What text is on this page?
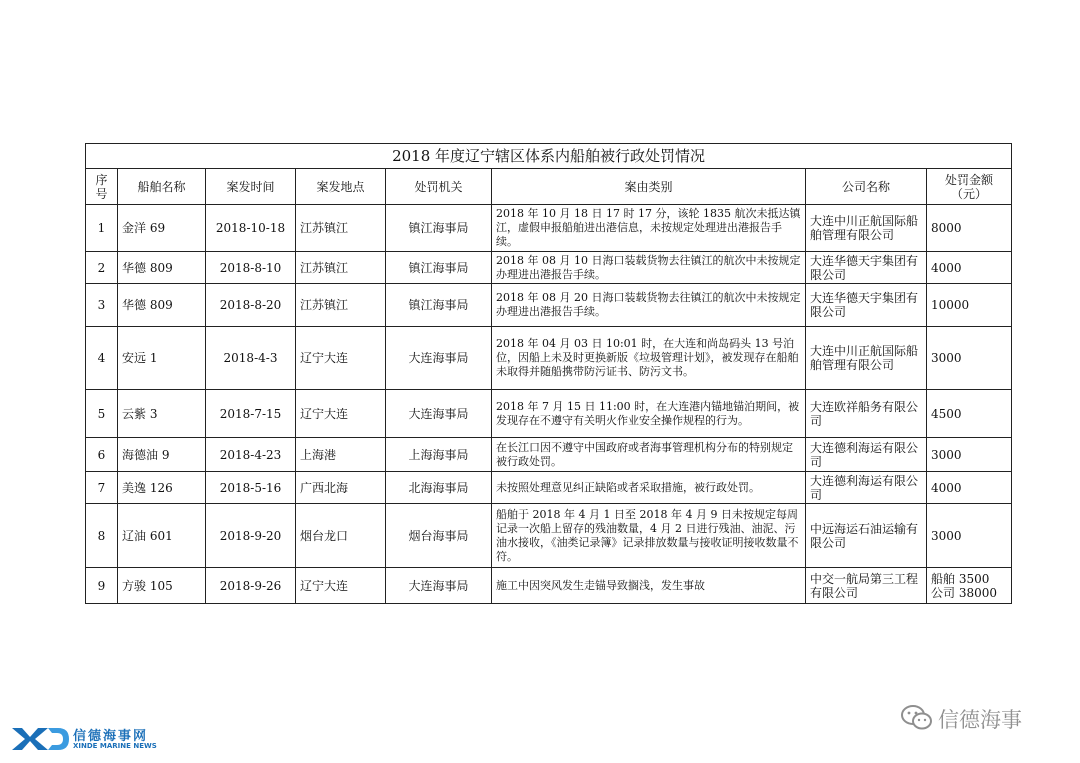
2018 年度辽宁辖区体系内船舶被行政处罚情况							
序号	船舶名称	案发时间	案发地点	处罚机关	案由类别	公司名称	处罚金额（元）
1	金洋 69	2018-10-18	江苏镇江	镇江海事局	2018 年 10 月 18 日 17 时 17 分，该轮 1835 航次未抵达镇江，虚假申报船舶进出港信息，未按规定处理进出港报告手续。	大连中川正航国际船舶管理有限公司	8000
2	华德 809	2018-8-10	江苏镇江	镇江海事局	2018 年 08 月 10 日海口装载货物去往镇江的航次中未按规定办理进出港报告手续。	大连华德天宇集团有限公司	4000
3	华德 809	2018-8-20	江苏镇江	镇江海事局	2018 年 08 月 20 日海口装载货物去往镇江的航次中未按规定办理进出港报告手续。	大连华德天宇集团有限公司	10000
4	安远 1	2018-4-3	辽宁大连	大连海事局	2018 年 04 月 03 日 10:01 时，在大连和尚岛码头 13 号泊位，因船上未及时更换新版《垃圾管理计划》，被发现存在船舶未取得并随船携带防污证书、防污文书。	大连中川正航国际船舶管理有限公司	3000
5	云紫 3	2018-7-15	辽宁大连	大连海事局	2018 年 7 月 15 日 11:00 时，在大连港内锚地锚泊期间，被发现存在不遵守有关明火作业安全操作规程的行为。	大连欧祥船务有限公司	4500
6	海德油 9	2018-4-23	上海港	上海海事局	在长江口因不遵守中国政府或者海事管理机构分布的特别规定被行政处罚。	大连德利海运有限公司	3000
7	美逸 126	2018-5-16	广西北海	北海海事局	未按照处理意见纠正缺陷或者采取措施，被行政处罚。	大连德利海运有限公司	4000
8	辽油 601	2018-9-20	烟台龙口	烟台海事局	船舶于 2018 年 4 月 1 日至 2018 年 4 月 9 日未按规定每周记录一次船上留存的残油数量，4 月 2 日进行残油、油泥、污油水接收，《油类记录簿》记录排放数量与接收证明接收数量不符。	中远海运石油运输有限公司	3000
9	方骏 105	2018-9-26	辽宁大连	大连海事局	施工中因突风发生走锚导致搁浅，发生事故	中交一航局第三工程有限公司	船舶 3500
公司 38000
信德海事网
XINDE MARINE NEWS
信德海事
